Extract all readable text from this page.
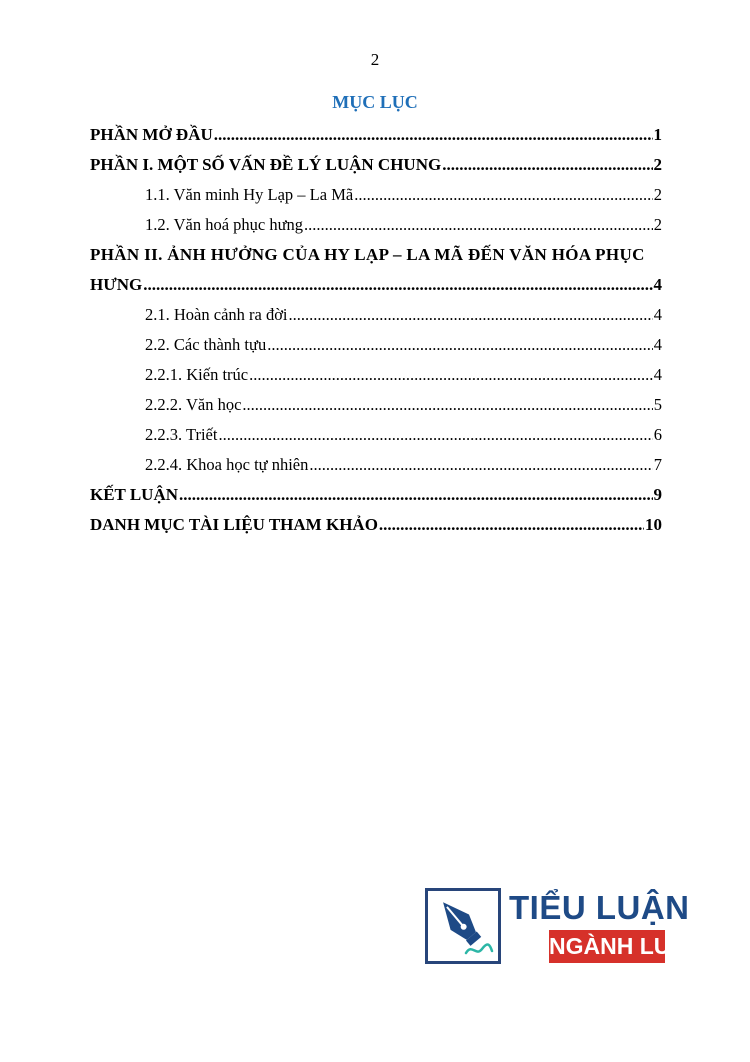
2
MỤC LỤC
PHẦN MỞ ĐẦU .....	1
PHẦN I. MỘT SỐ VẤN ĐỀ LÝ LUẬN CHUNG .....	2
1.1. Văn minh Hy Lạp – La Mã .....	2
1.2. Văn hoá phục hưng .....	2
PHẦN II. ẢNH HƯỞNG CỦA HY LẠP – LA MÃ ĐẾN VĂN HÓA PHỤC
HƯNG .....	4
2.1. Hoàn cảnh ra đời .....	4
2.2. Các thành tựu .....	4
2.2.1. Kiến trúc .....	4
2.2.2. Văn học .....	5
2.2.3. Triết .....	6
2.2.4. Khoa học tự nhiên .....	7
KẾT LUẬN .....	9
DANH MỤC TÀI LIỆU THAM KHẢO .....	10
TIỂU LUẬN
NGÀNH LUẬT
